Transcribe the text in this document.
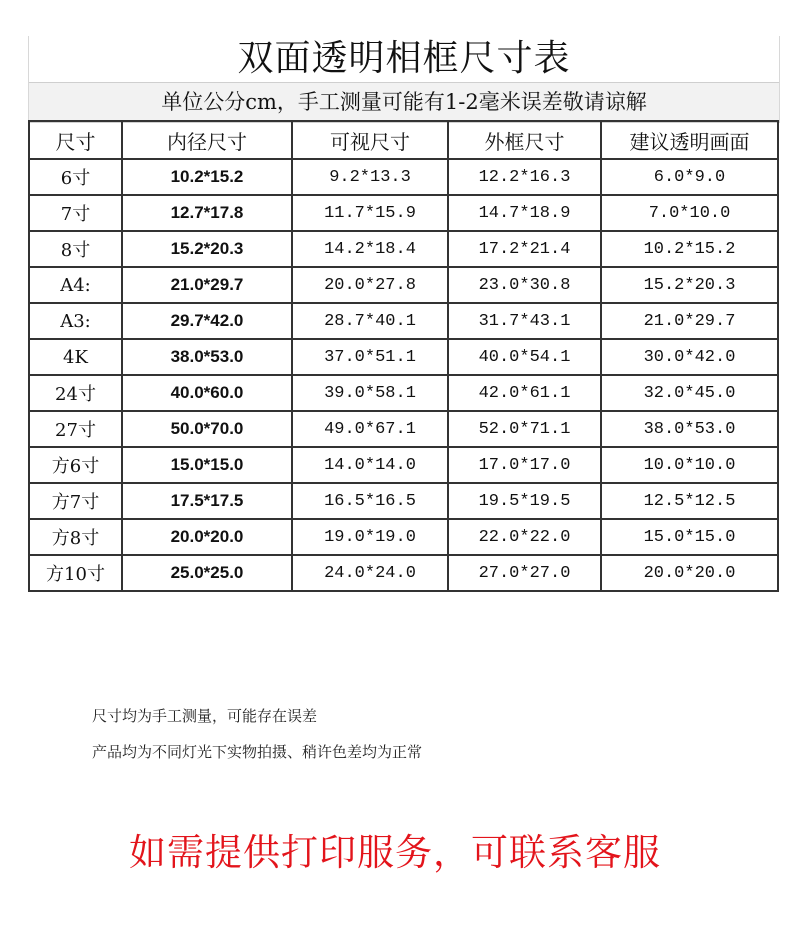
双面透明相框尺寸表
单位公分cm，手工测量可能有1-2毫米误差敬请谅解
尺寸	内径尺寸	可视尺寸	外框尺寸	建议透明画面
6寸	10.2*15.2	9.2*13.3	12.2*16.3	6.0*9.0
7寸	12.7*17.8	11.7*15.9	14.7*18.9	7.0*10.0
8寸	15.2*20.3	14.2*18.4	17.2*21.4	10.2*15.2
A4:	21.0*29.7	20.0*27.8	23.0*30.8	15.2*20.3
A3:	29.7*42.0	28.7*40.1	31.7*43.1	21.0*29.7
4K	38.0*53.0	37.0*51.1	40.0*54.1	30.0*42.0
24寸	40.0*60.0	39.0*58.1	42.0*61.1	32.0*45.0
27寸	50.0*70.0	49.0*67.1	52.0*71.1	38.0*53.0
方6寸	15.0*15.0	14.0*14.0	17.0*17.0	10.0*10.0
方7寸	17.5*17.5	16.5*16.5	19.5*19.5	12.5*12.5
方8寸	20.0*20.0	19.0*19.0	22.0*22.0	15.0*15.0
方10寸	25.0*25.0	24.0*24.0	27.0*27.0	20.0*20.0

尺寸均为手工测量，可能存在误差

产品均为不同灯光下实物拍摄、稍许色差均为正常

如需提供打印服务，可联系客服
